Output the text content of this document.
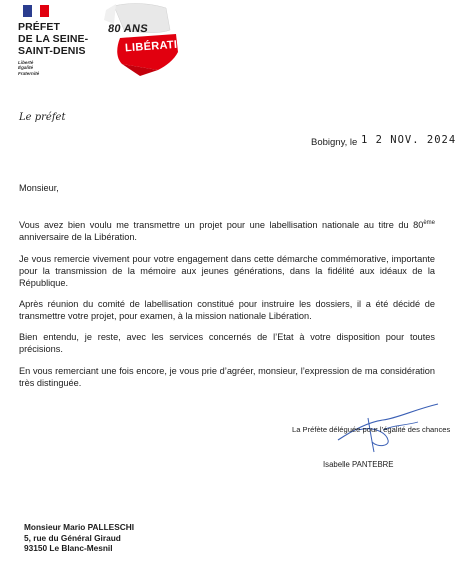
PRÉFET
DE LA SEINE-
SAINT-DENIS
Liberté
Égalité
Fraternité
80 ANS
LIBÉRATION
Le préfet
Bobigny, le 1 2 NOV. 2024

Monsieur,

Vous avez bien voulu me transmettre un projet pour une labellisation nationale au titre du 80ème anniversaire de la Libération.

Je vous remercie vivement pour votre engagement dans cette démarche commémorative, importante pour la transmission de la mémoire aux jeunes générations, dans la fidélité aux idéaux de la République.

Après réunion du comité de labellisation constitué pour instruire les dossiers, il a été décidé de transmettre votre projet, pour examen, à la mission nationale Libération.

Bien entendu, je reste, avec les services concernés de l’Etat à votre disposition pour toutes précisions.

En vous remerciant une fois encore, je vous prie d’agréer, monsieur, l’expression de ma considération très distinguée.

La Préfète déléguée pour l’égalité des chances
Isabelle PANTEBRE
Monsieur Mario PALLESCHI
5, rue du Général Giraud
93150 Le Blanc-Mesnil
